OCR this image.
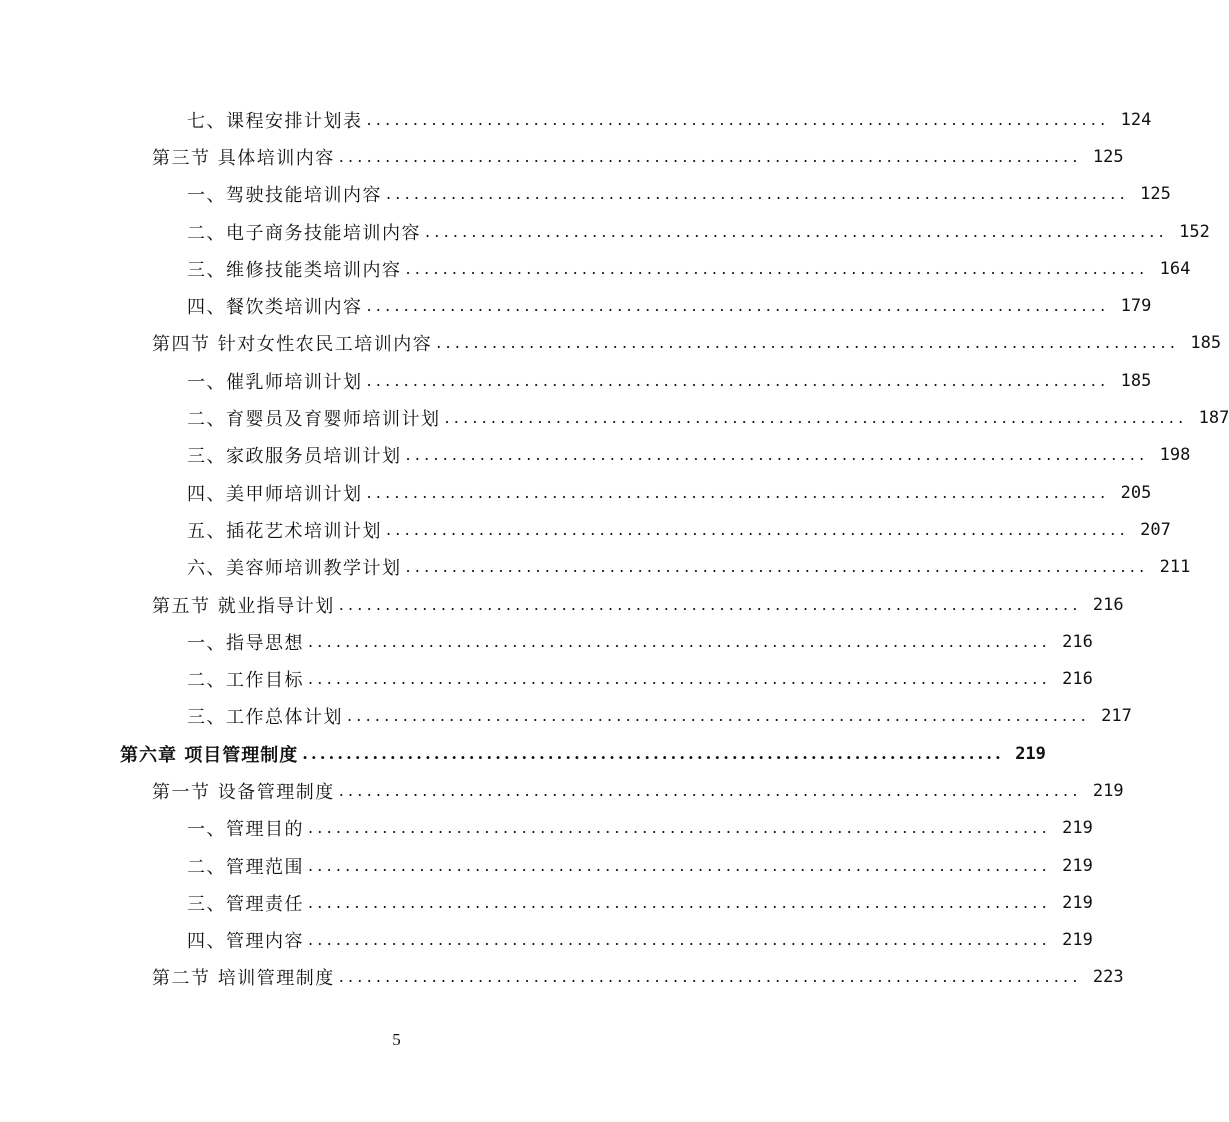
七、课程安排计划表 ................................................................................ 124
第三节 具体培训内容 ................................................................................ 125
一、驾驶技能培训内容 ................................................................................ 125
二、电子商务技能培训内容 ................................................................................ 152
三、维修技能类培训内容 ................................................................................ 164
四、餐饮类培训内容 ................................................................................ 179
第四节 针对女性农民工培训内容 ................................................................................ 185
一、催乳师培训计划 ................................................................................ 185
二、育婴员及育婴师培训计划 ................................................................................ 187
三、家政服务员培训计划 ................................................................................ 198
四、美甲师培训计划 ................................................................................ 205
五、插花艺术培训计划 ................................................................................ 207
六、美容师培训教学计划 ................................................................................ 211
第五节 就业指导计划 ................................................................................ 216
一、指导思想 ................................................................................ 216
二、工作目标 ................................................................................ 216
三、工作总体计划 ................................................................................ 217
第六章 项目管理制度 ................................................................................ 219
第一节 设备管理制度 ................................................................................ 219
一、管理目的 ................................................................................ 219
二、管理范围 ................................................................................ 219
三、管理责任 ................................................................................ 219
四、管理内容 ................................................................................ 219
第二节 培训管理制度 ................................................................................ 223
5
